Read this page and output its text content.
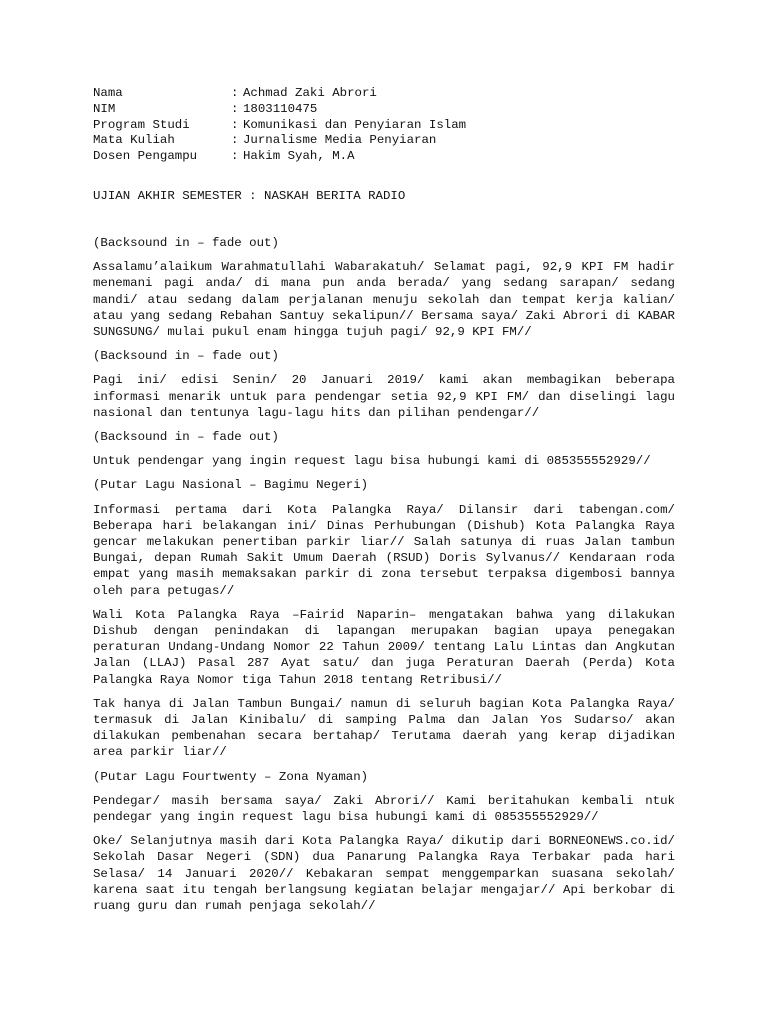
Nama	: Achmad Zaki Abrori
NIM	: 1803110475
Program Studi	: Komunikasi dan Penyiaran Islam
Mata Kuliah	: Jurnalisme Media Penyiaran
Dosen Pengampu	: Hakim Syah, M.A
UJIAN AKHIR SEMESTER : NASKAH BERITA RADIO

(Backsound in – fade out)

Assalamu’alaikum Warahmatullahi Wabarakatuh/ Selamat pagi, 92,9 KPI FM hadir menemani pagi anda/ di mana pun anda berada/ yang sedang sarapan/ sedang mandi/ atau sedang dalam perjalanan menuju sekolah dan tempat kerja kalian/ atau yang sedang Rebahan Santuy sekalipun// Bersama saya/ Zaki Abrori di KABAR SUNGSUNG/ mulai pukul enam hingga tujuh pagi/ 92,9 KPI FM//

(Backsound in – fade out)

Pagi ini/ edisi Senin/ 20 Januari 2019/ kami akan membagikan beberapa informasi menarik untuk para pendengar setia 92,9 KPI FM/ dan diselingi lagu nasional dan tentunya lagu-lagu hits dan pilihan pendengar//

(Backsound in – fade out)

Untuk pendengar yang ingin request lagu bisa hubungi kami di 085355552929//

(Putar Lagu Nasional – Bagimu Negeri)

Informasi pertama dari Kota Palangka Raya/ Dilansir dari tabengan.com/ Beberapa hari belakangan ini/ Dinas Perhubungan (Dishub) Kota Palangka Raya gencar melakukan penertiban parkir liar// Salah satunya di ruas Jalan tambun Bungai, depan Rumah Sakit Umum Daerah (RSUD) Doris Sylvanus// Kendaraan roda empat yang masih memaksakan parkir di zona tersebut terpaksa digembosi bannya oleh para petugas//

Wali Kota Palangka Raya –Fairid Naparin– mengatakan bahwa yang dilakukan Dishub dengan penindakan di lapangan merupakan bagian upaya penegakan peraturan Undang-Undang Nomor 22 Tahun 2009/ tentang Lalu Lintas dan Angkutan Jalan (LLAJ) Pasal 287 Ayat satu/ dan juga Peraturan Daerah (Perda) Kota Palangka Raya Nomor tiga Tahun 2018 tentang Retribusi//

Tak hanya di Jalan Tambun Bungai/ namun di seluruh bagian Kota Palangka Raya/ termasuk di Jalan Kinibalu/ di samping Palma dan Jalan Yos Sudarso/ akan dilakukan pembenahan secara bertahap/ Terutama daerah yang kerap dijadikan area parkir liar//

(Putar Lagu Fourtwenty – Zona Nyaman)

Pendegar/ masih bersama saya/ Zaki Abrori// Kami beritahukan kembali ntuk pendegar yang ingin request lagu bisa hubungi kami di 085355552929//

Oke/ Selanjutnya masih dari Kota Palangka Raya/ dikutip dari BORNEONEWS.co.id/ Sekolah Dasar Negeri (SDN) dua Panarung Palangka Raya Terbakar pada hari Selasa/ 14 Januari 2020// Kebakaran sempat menggemparkan suasana sekolah/ karena saat itu tengah berlangsung kegiatan belajar mengajar// Api berkobar di ruang guru dan rumah penjaga sekolah//
